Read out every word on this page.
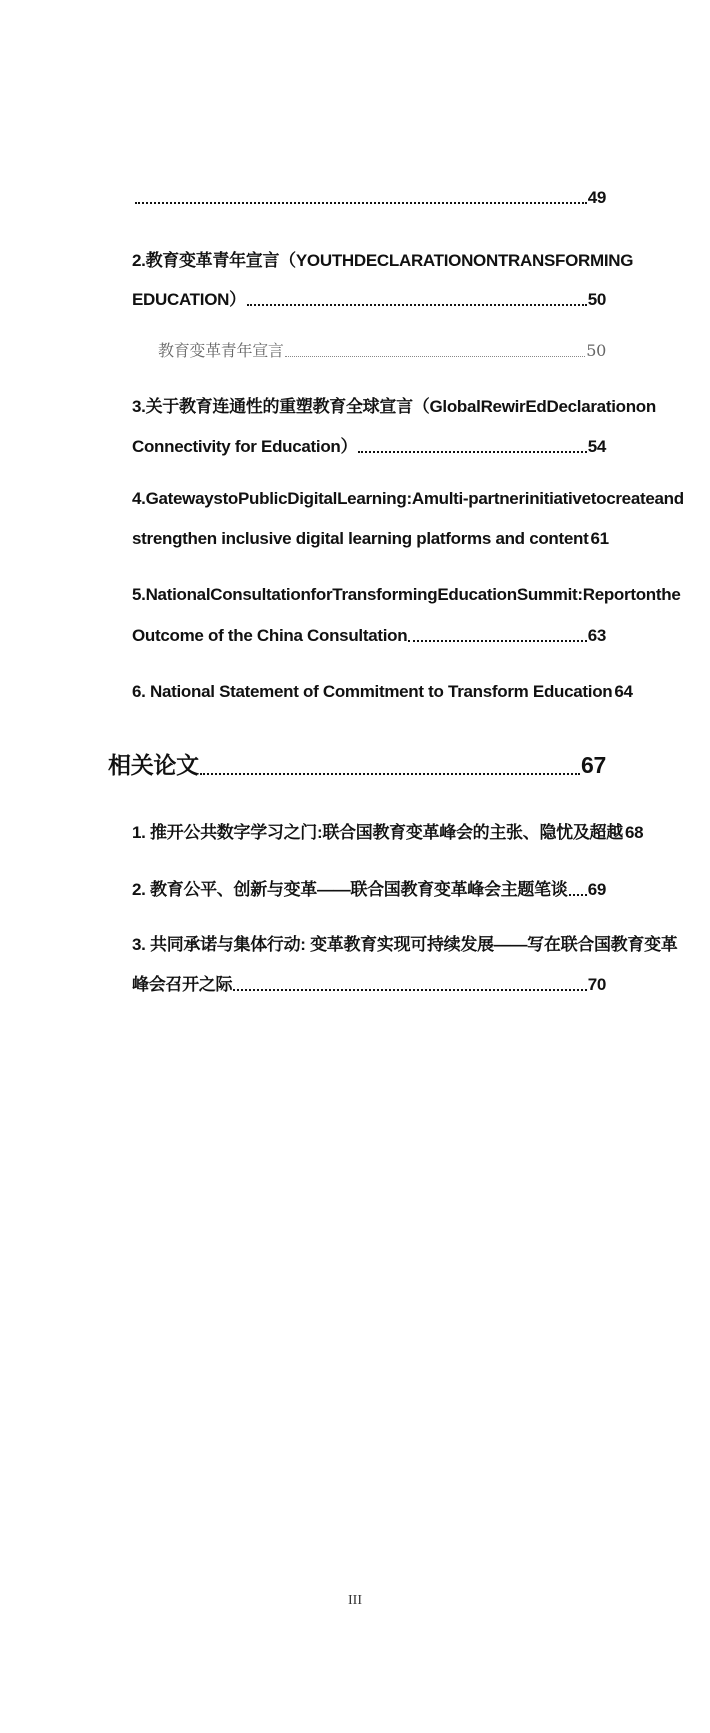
49
2. 教育变革青年宣言（YOUTH DECLARATION ONTRANSFORMING
EDUCATION）	50
教育变革青年宣言	50
3.关于教育连通性的重塑教育全球宣言（Global RewirEd Declaration on
Connectivity for Education）	54
4. Gateways to Public Digital Learning: A multi-partner initiative to create and
strengthen inclusive digital learning platforms and content 61
5. National Consultation for Transforming Education Summit: Report on the
Outcome of the China Consultation	63
6. National Statement of Commitment to Transform Education 64
相关论文	67
1. 推开公共数字学习之门:联合国教育变革峰会的主张、隐忧及超越 68
2. 教育公平、创新与变革——联合国教育变革峰会主题笔谈 69
3. 共同承诺与集体行动: 变革教育实现可持续发展——写在联合国教育变革
峰会召开之际	70
III
